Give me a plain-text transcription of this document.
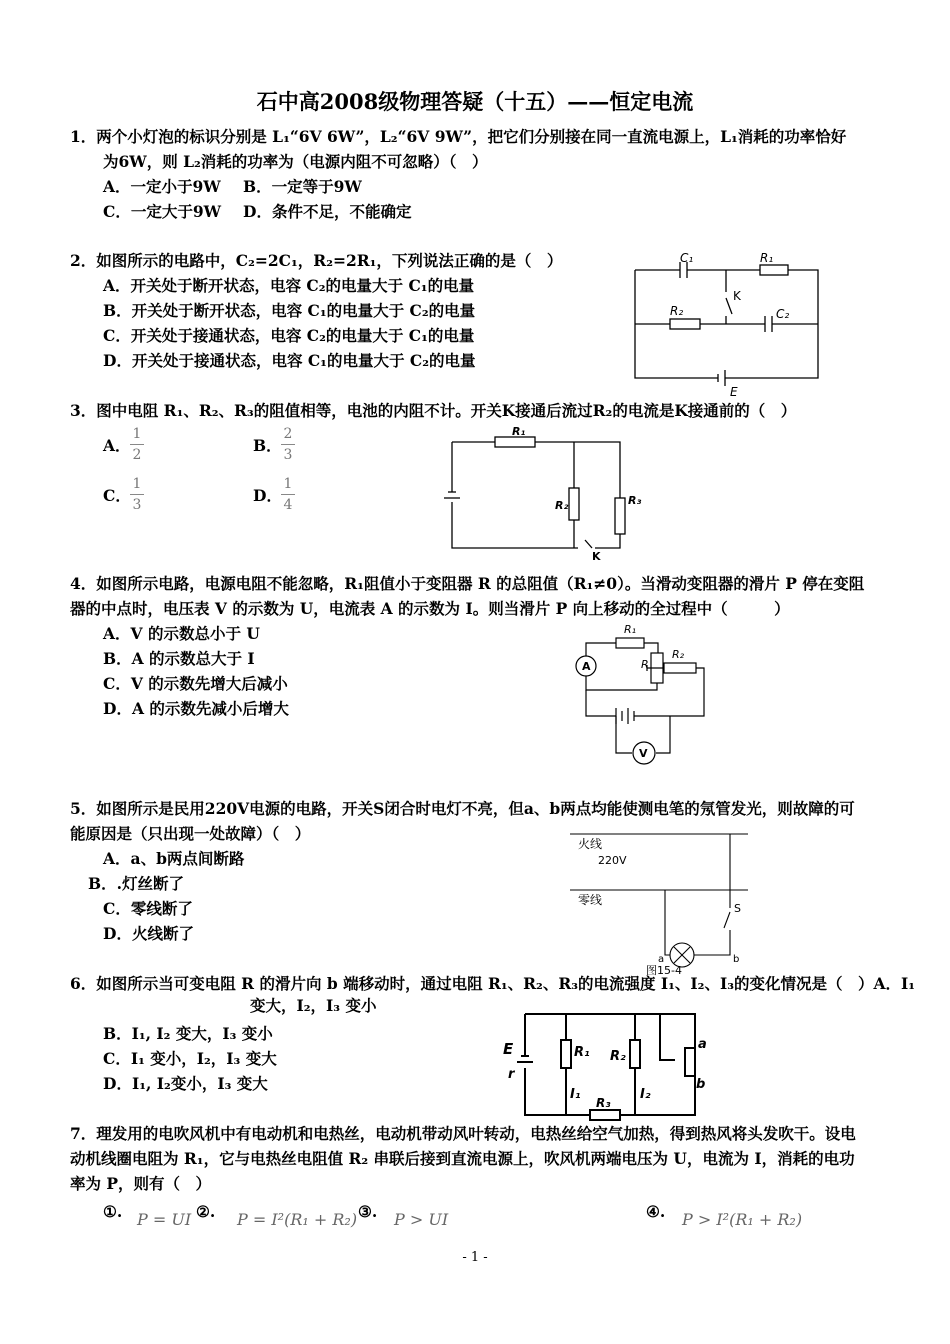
石中高2008级物理答疑（十五）——恒定电流
1．两个小灯泡的标识分别是 L₁“6V 6W”，L₂“6V 9W”，把它们分别接在同一直流电源上，L₁消耗的功率恰好
为6W，则 L₂消耗的功率为（电源内阻不可忽略）（　）
A．一定小于9W B．一定等于9W
C．一定大于9W D．条件不足，不能确定
2．如图所示的电路中，C₂=2C₁，R₂=2R₁，下列说法正确的是（　）
A．开关处于断开状态，电容 C₂的电量大于 C₁的电量
B．开关处于断开状态，电容 C₁的电量大于 C₂的电量
C．开关处于接通状态，电容 C₂的电量大于 C₁的电量
D．开关处于接通状态，电容 C₁的电量大于 C₂的电量
C₁	R₁
K
R₂	C₂
E
3．图中电阻 R₁、R₂、R₃的阻值相等，电池的内阻不计。开关K接通后流过R₂的电流是K接通前的（　）
A．
1
2	B．
2
3
C．
1
3	D．
1
4
R₁
R₂	R₃
K
4．如图所示电路，电源电阻不能忽略，R₁阻值小于变阻器 R 的总阻值（R₁≠0）。当滑动变阻器的滑片 P 停在变阻
器的中点时，电压表 V 的示数为 U，电流表 A 的示数为 I。则当滑片 P 向上移动的全过程中（　　　）
A．V 的示数总小于 U
B．A 的示数总大于 I
C．V 的示数先增大后减小
D．A 的示数先减小后增大
A
R₁
R
R₂
V
5．如图所示是民用220V电源的电路，开关S闭合时电灯不亮，但a、b两点均能使测电笔的氖管发光，则故障的可
能原因是（只出现一处故障）（　）
A．a、b两点间断路
B．.灯丝断了
C．零线断了
D．火线断了
火线
220V
零线
S
a	b
图15-4
6．如图所示当可变电阻 R 的滑片向 b 端移动时，通过电阻 R₁、R₂、R₃的电流强度 I₁、I₂、I₃的变化情况是（　）A．I₁
变大，I₂，I₃ 变小
B．I₁, I₂ 变大，I₃ 变小
C．I₁ 变小，I₂，I₃ 变大
D．I₁, I₂变小，I₃ 变大
E
r
R₁ R₂
R₃
I₁	I₂
a
b
7．理发用的电吹风机中有电动机和电热丝，电动机带动风叶转动，电热丝给空气加热，得到热风将头发吹干。设电
动机线圈电阻为 R₁，它与电热丝电阻值 R₂ 串联后接到直流电源上，吹风机两端电压为 U，电流为 I，消耗的电功
率为 P，则有（　）
①. P = UI ②. P = I²(R₁ + R₂) ③. P > UI	④. P > I²(R₁ + R₂)
- 1 -
